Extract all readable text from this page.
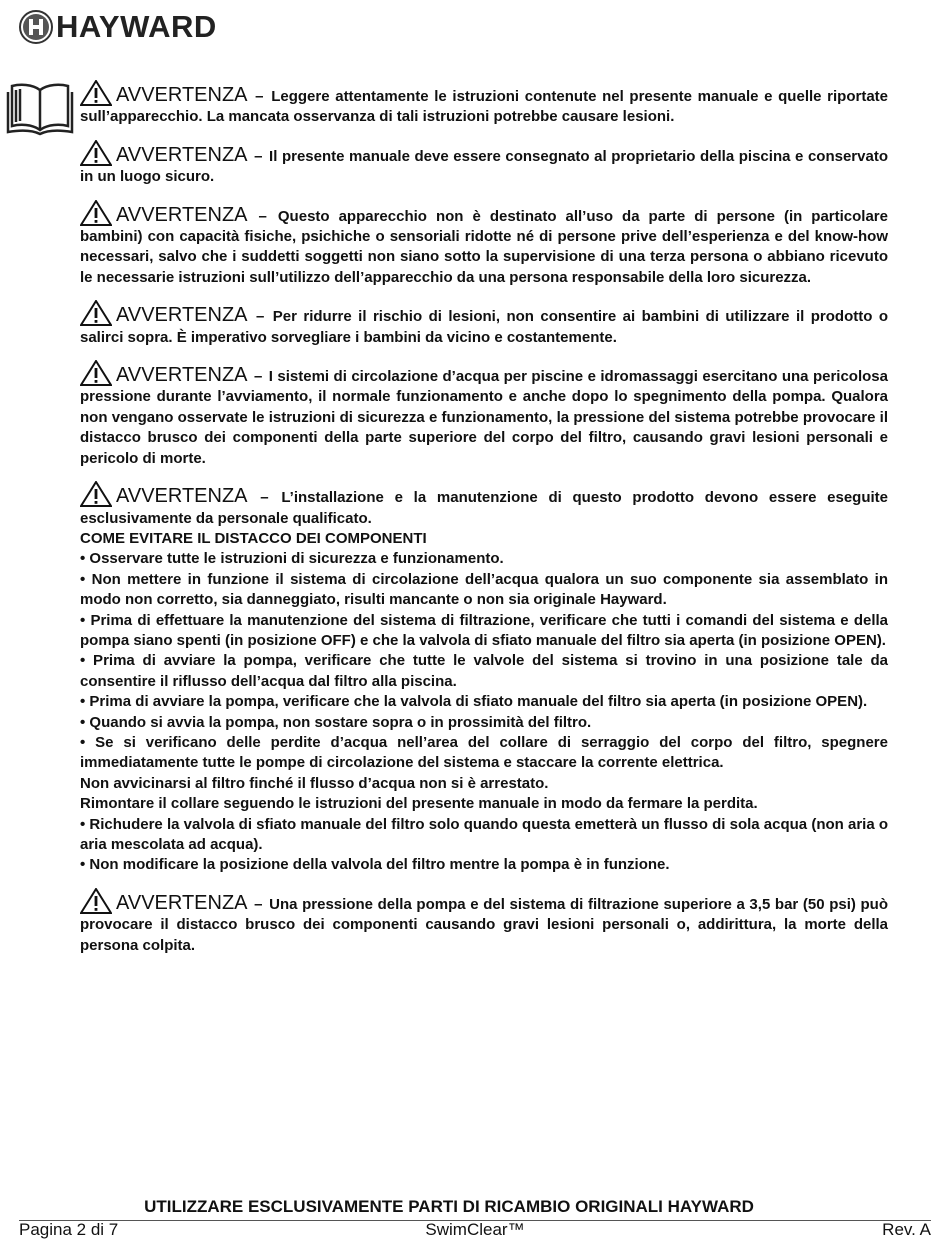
HAYWARD
AVVERTENZA – Leggere attentamente le istruzioni contenute nel presente manuale e quelle riportate sull’apparecchio. La mancata osservanza di tali istruzioni potrebbe causare lesioni.
AVVERTENZA – Il presente manuale deve essere consegnato al proprietario della piscina e conservato in un luogo sicuro.
AVVERTENZA – Questo apparecchio non è destinato all’uso da parte di persone (in particolare bambini) con capacità fisiche, psichiche o sensoriali ridotte né di persone prive dell’esperienza e del know-how necessari, salvo che i suddetti soggetti non siano sotto la supervisione di una terza persona o abbiano ricevuto le necessarie istruzioni sull’utilizzo dell’apparecchio da una persona responsabile della loro sicurezza.
AVVERTENZA – Per ridurre il rischio di lesioni, non consentire ai bambini di utilizzare il prodotto o salirci sopra. È imperativo sorvegliare i bambini da vicino e costantemente.
AVVERTENZA – I sistemi di circolazione d’acqua per piscine e idromassaggi esercitano una pericolosa pressione durante l’avviamento, il normale funzionamento e anche dopo lo spegnimento della pompa. Qualora non vengano osservate le istruzioni di sicurezza e funzionamento, la pressione del sistema potrebbe provocare il distacco brusco dei componenti della parte superiore del corpo del filtro, causando gravi lesioni personali e pericolo di morte.
AVVERTENZA – L’installazione e la manutenzione di questo prodotto devono essere eseguite esclusivamente da personale qualificato.
COME EVITARE IL DISTACCO DEI COMPONENTI
• Osservare tutte le istruzioni di sicurezza e funzionamento.
• Non mettere in funzione il sistema di circolazione dell’acqua qualora un suo componente sia assemblato in modo non corretto, sia danneggiato, risulti mancante o non sia originale Hayward.
• Prima di effettuare la manutenzione del sistema di filtrazione, verificare che tutti i comandi del sistema e della pompa siano spenti (in posizione OFF) e che la valvola di sfiato manuale del filtro sia aperta (in posizione OPEN).
• Prima di avviare la pompa, verificare che tutte le valvole del sistema si trovino in una posizione tale da consentire il riflusso dell’acqua dal filtro alla piscina.
• Prima di avviare la pompa, verificare che la valvola di sfiato manuale del filtro sia aperta (in posizione OPEN).
• Quando si avvia la pompa, non sostare sopra o in prossimità del filtro.
• Se si verificano delle perdite d’acqua nell’area del collare di serraggio del corpo del filtro, spegnere immediatamente tutte le pompe di circolazione del sistema e staccare la corrente elettrica.
Non avvicinarsi al filtro finché il flusso d’acqua non si è arrestato.
Rimontare il collare seguendo le istruzioni del presente manuale in modo da fermare la perdita.
• Richudere la valvola di sfiato manuale del filtro solo quando questa emetterà un flusso di sola acqua (non aria o aria mescolata ad acqua).
• Non modificare la posizione della valvola del filtro mentre la pompa è in funzione.
AVVERTENZA – Una pressione della pompa e del sistema di filtrazione superiore a 3,5 bar (50 psi) può provocare il distacco brusco dei componenti causando gravi lesioni personali o, addirittura, la morte della persona colpita.
UTILIZZARE ESCLUSIVAMENTE PARTI DI RICAMBIO ORIGINALI HAYWARD
Pagina 2 di 7	SwimClear™	Rev. A
